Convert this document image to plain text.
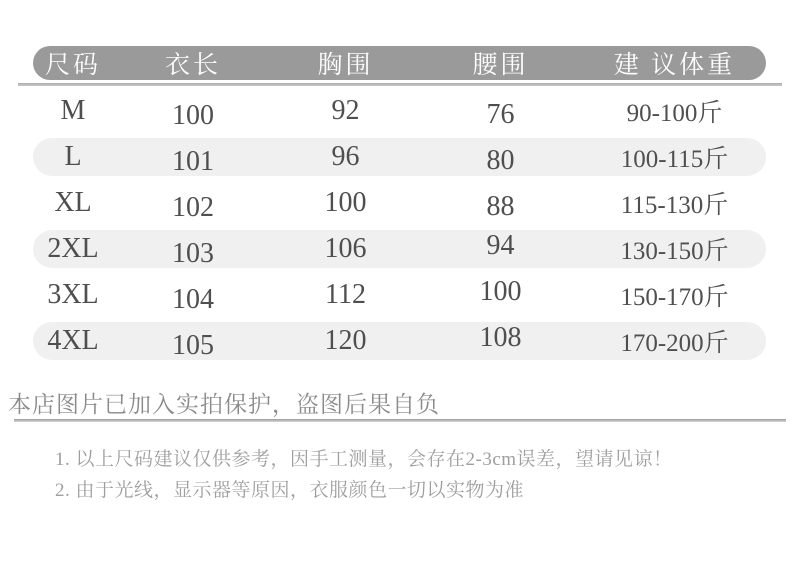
尺码	衣长	胸围	腰围	建 议体重
M	100	92	76	90-100斤
L	101	96	80	100-115斤
XL	102	100	88	115-130斤
2XL	103	106	94	130-150斤
3XL	104	112	100	150-170斤
4XL	105	120	108	170-200斤
本店图片已加入实拍保护，盗图后果自负
1. 以上尺码建议仅供参考，因手工测量，会存在2-3cm误差，望请见谅！
2. 由于光线，显示器等原因，衣服颜色一切以实物为准
